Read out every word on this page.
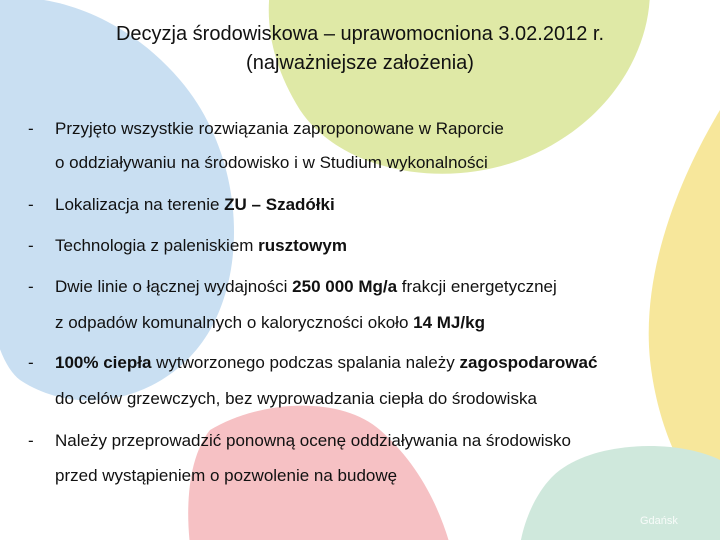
Decyzja środowiskowa – uprawomocniona 3.02.2012 r.
(najważniejsze założenia)
- Przyjęto wszystkie rozwiązania zaproponowane w Raporcie
o oddziaływaniu na środowisko i w Studium wykonalności
- Lokalizacja na terenie ZU – Szadółki
- Technologia z paleniskiem rusztowym
- Dwie linie o łącznej wydajności 250 000 Mg/a frakcji energetycznej
z odpadów komunalnych o kaloryczności około 14 MJ/kg
- 100% ciepła wytworzonego podczas spalania należy zagospodarować
do celów grzewczych, bez wyprowadzania ciepła do środowiska
- Należy przeprowadzić ponowną ocenę oddziaływania na środowisko
przed wystąpieniem o pozwolenie na budowę
Gdańsk
